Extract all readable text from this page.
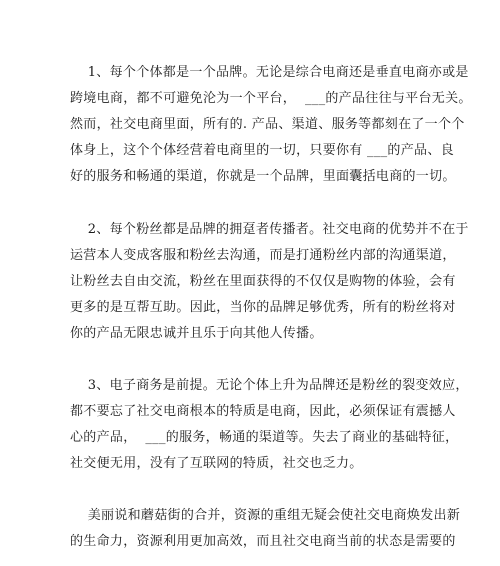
1、每个个体都是一个品牌。无论是综合电商还是垂直电商亦或是
跨境电商，都不可避免沦为一个平台，  ___的产品往往与平台无关。
然而，社交电商里面，所有的. 产品、渠道、服务等都刻在了一个个
体身上，这个个体经营着电商里的一切，只要你有 ___的产品、良
好的服务和畅通的渠道，你就是一个品牌，里面囊括电商的一切。
2、每个粉丝都是品牌的拥趸者传播者。社交电商的优势并不在于
运营本人变成客服和粉丝去沟通，而是打通粉丝内部的沟通渠道，
让粉丝去自由交流，粉丝在里面获得的不仅仅是购物的体验，会有
更多的是互帮互助。因此，当你的品牌足够优秀，所有的粉丝将对
你的产品无限忠诚并且乐于向其他人传播。
3、电子商务是前提。无论个体上升为品牌还是粉丝的裂变效应，
都不要忘了社交电商根本的特质是电商，因此，必须保证有震撼人
心的产品，  ___的服务，畅通的渠道等。失去了商业的基础特征，
社交便无用，没有了互联网的特质，社交也乏力。
美丽说和蘑菇街的合并，资源的重组无疑会使社交电商焕发出新
的生命力，资源利用更加高效，而且社交电商当前的状态是需要的
